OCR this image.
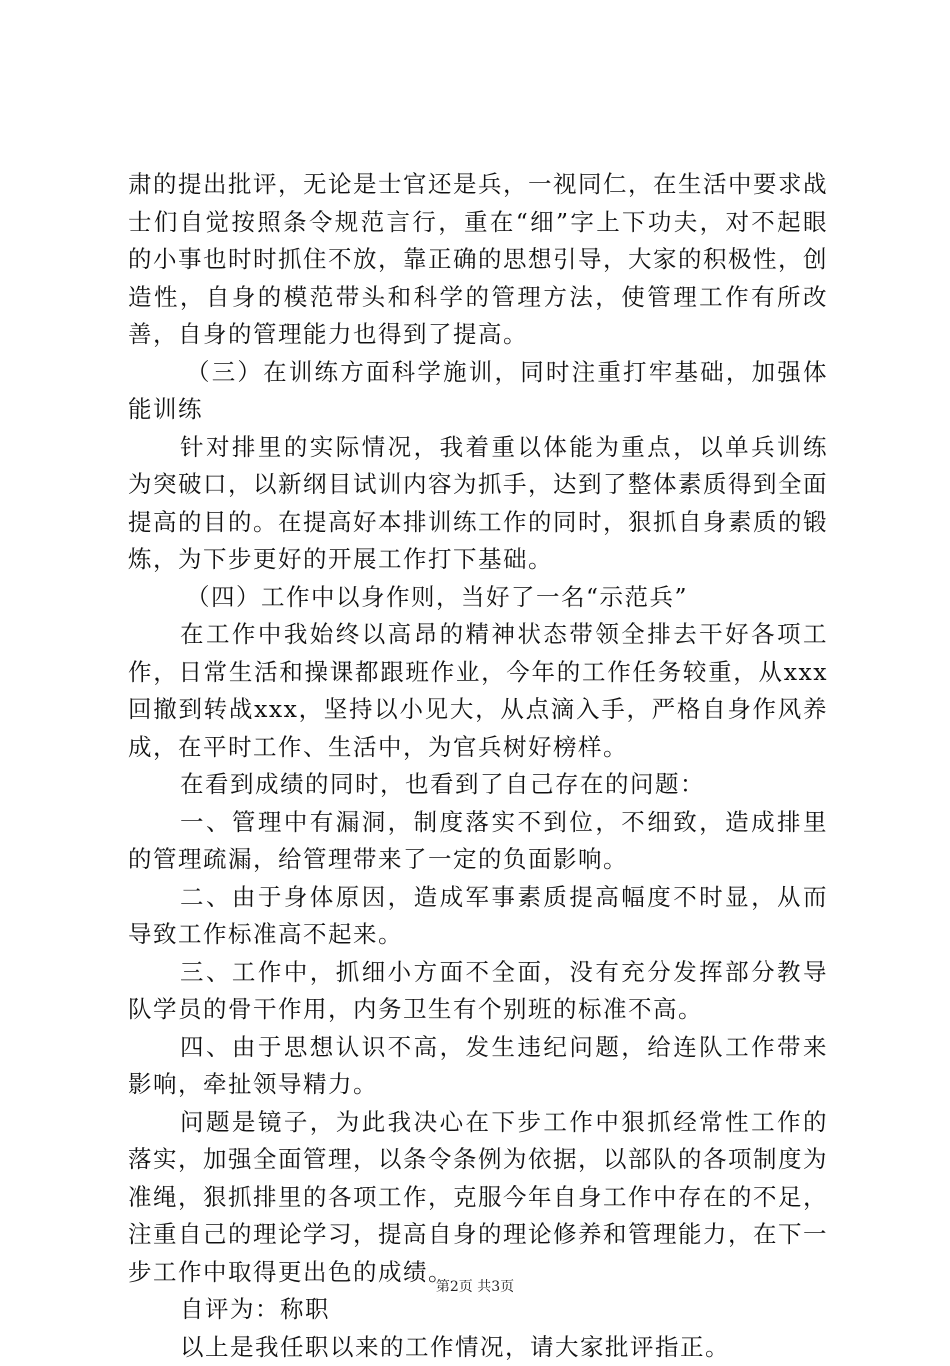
肃的提出批评，无论是士官还是兵，一视同仁，在生活中要求战士们自觉按照条令规范言行，重在“细”字上下功夫，对不起眼的小事也时时抓住不放，靠正确的思想引导，大家的积极性，创造性，自身的模范带头和科学的管理方法，使管理工作有所改善，自身的管理能力也得到了提高。

（三）在训练方面科学施训，同时注重打牢基础，加强体能训练

针对排里的实际情况，我着重以体能为重点，以单兵训练为突破口，以新纲目试训内容为抓手，达到了整体素质得到全面提高的目的。在提高好本排训练工作的同时，狠抓自身素质的锻炼，为下步更好的开展工作打下基础。

（四）工作中以身作则，当好了一名“示范兵”

在工作中我始终以高昂的精神状态带领全排去干好各项工作，日常生活和操课都跟班作业，今年的工作任务较重，从xxx回撤到转战xxx，坚持以小见大，从点滴入手，严格自身作风养成，在平时工作、生活中，为官兵树好榜样。

在看到成绩的同时，也看到了自己存在的问题：

一、管理中有漏洞，制度落实不到位，不细致，造成排里的管理疏漏，给管理带来了一定的负面影响。

二、由于身体原因，造成军事素质提高幅度不时显，从而导致工作标准高不起来。

三、工作中，抓细小方面不全面，没有充分发挥部分教导队学员的骨干作用，内务卫生有个别班的标准不高。

四、由于思想认识不高，发生违纪问题，给连队工作带来影响，牵扯领导精力。

问题是镜子，为此我决心在下步工作中狠抓经常性工作的落实，加强全面管理，以条令条例为依据，以部队的各项制度为准绳，狠抓排里的各项工作，克服今年自身工作中存在的不足，注重自己的理论学习，提高自身的理论修养和管理能力，在下一步工作中取得更出色的成绩。

自评为：称职

以上是我任职以来的工作情况，请大家批评指正。

第2页 共3页
